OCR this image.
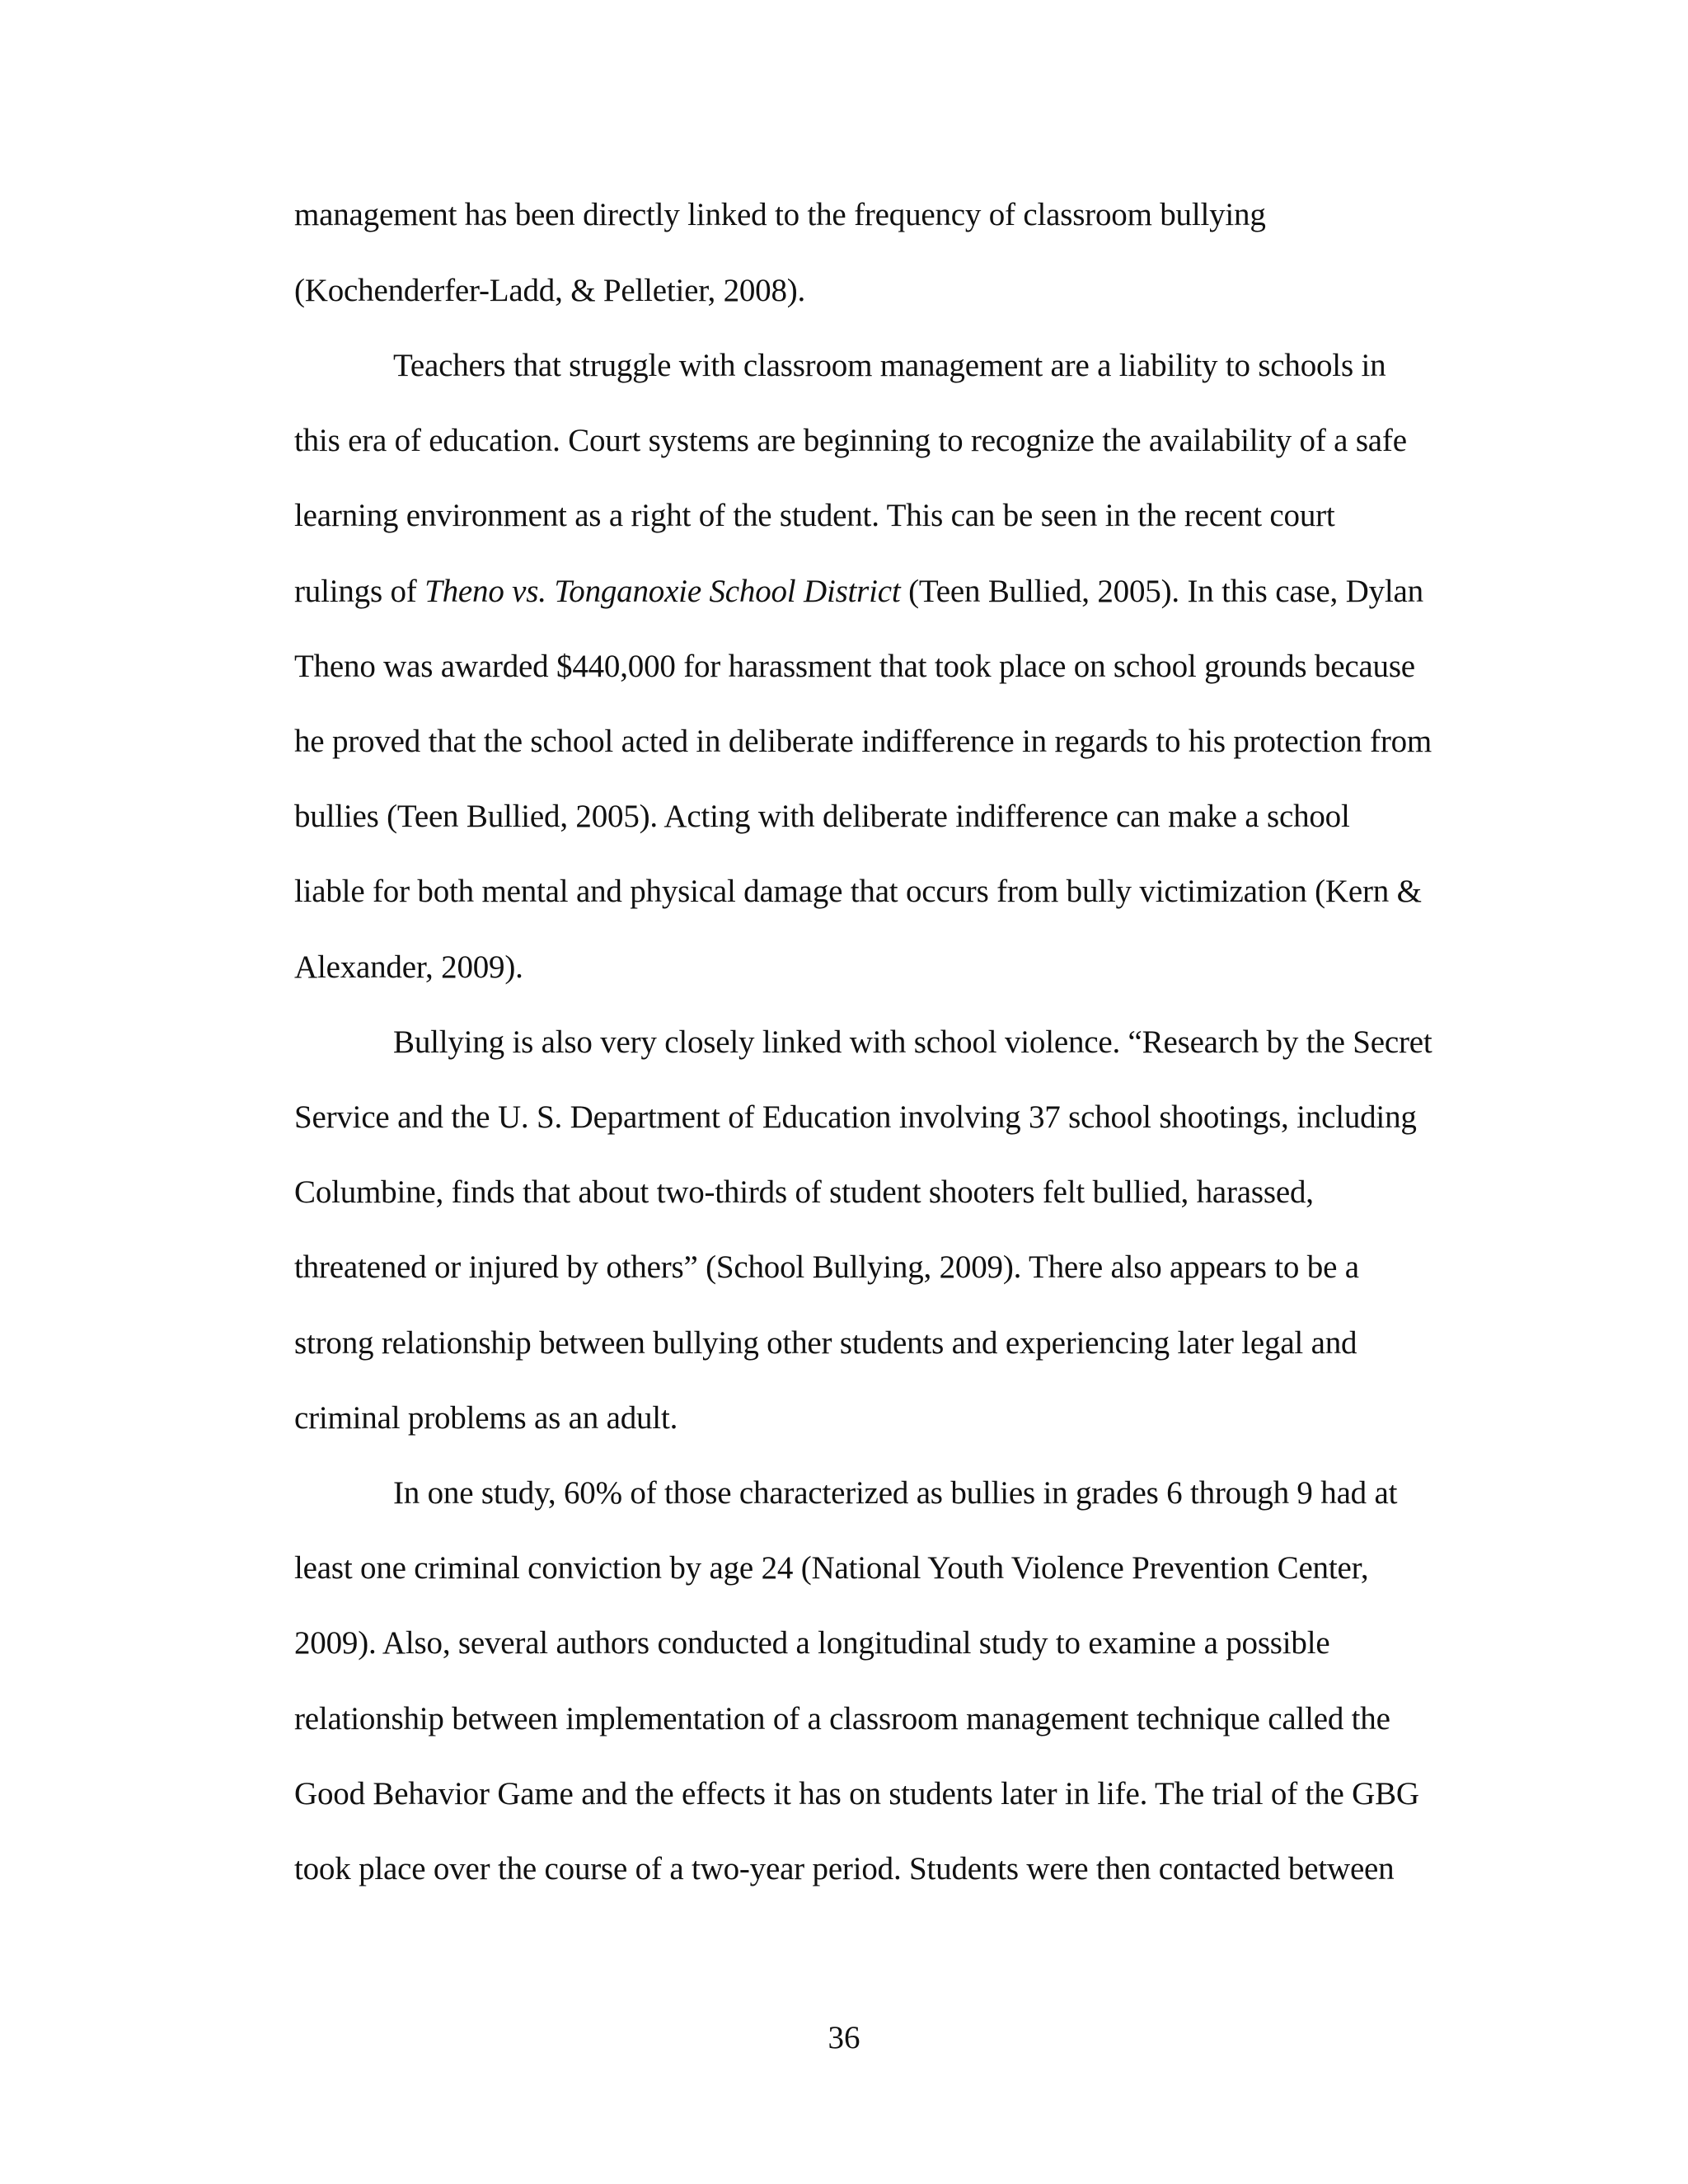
management has been directly linked to the frequency of classroom bullying
(Kochenderfer-Ladd, & Pelletier, 2008).
Teachers that struggle with classroom management are a liability to schools in
this era of education. Court systems are beginning to recognize the availability of a safe
learning environment as a right of the student. This can be seen in the recent court
rulings of Theno vs. Tonganoxie School District (Teen Bullied, 2005). In this case, Dylan
Theno was awarded $440,000 for harassment that took place on school grounds because
he proved that the school acted in deliberate indifference in regards to his protection from
bullies (Teen Bullied, 2005). Acting with deliberate indifference can make a school
liable for both mental and physical damage that occurs from bully victimization (Kern &
Alexander, 2009).
Bullying is also very closely linked with school violence. “Research by the Secret
Service and the U. S. Department of Education involving 37 school shootings, including
Columbine, finds that about two-thirds of student shooters felt bullied, harassed,
threatened or injured by others” (School Bullying, 2009). There also appears to be a
strong relationship between bullying other students and experiencing later legal and
criminal problems as an adult.
In one study, 60% of those characterized as bullies in grades 6 through 9 had at
least one criminal conviction by age 24 (National Youth Violence Prevention Center,
2009). Also, several authors conducted a longitudinal study to examine a possible
relationship between implementation of a classroom management technique called the
Good Behavior Game and the effects it has on students later in life. The trial of the GBG
took place over the course of a two-year period. Students were then contacted between
36
